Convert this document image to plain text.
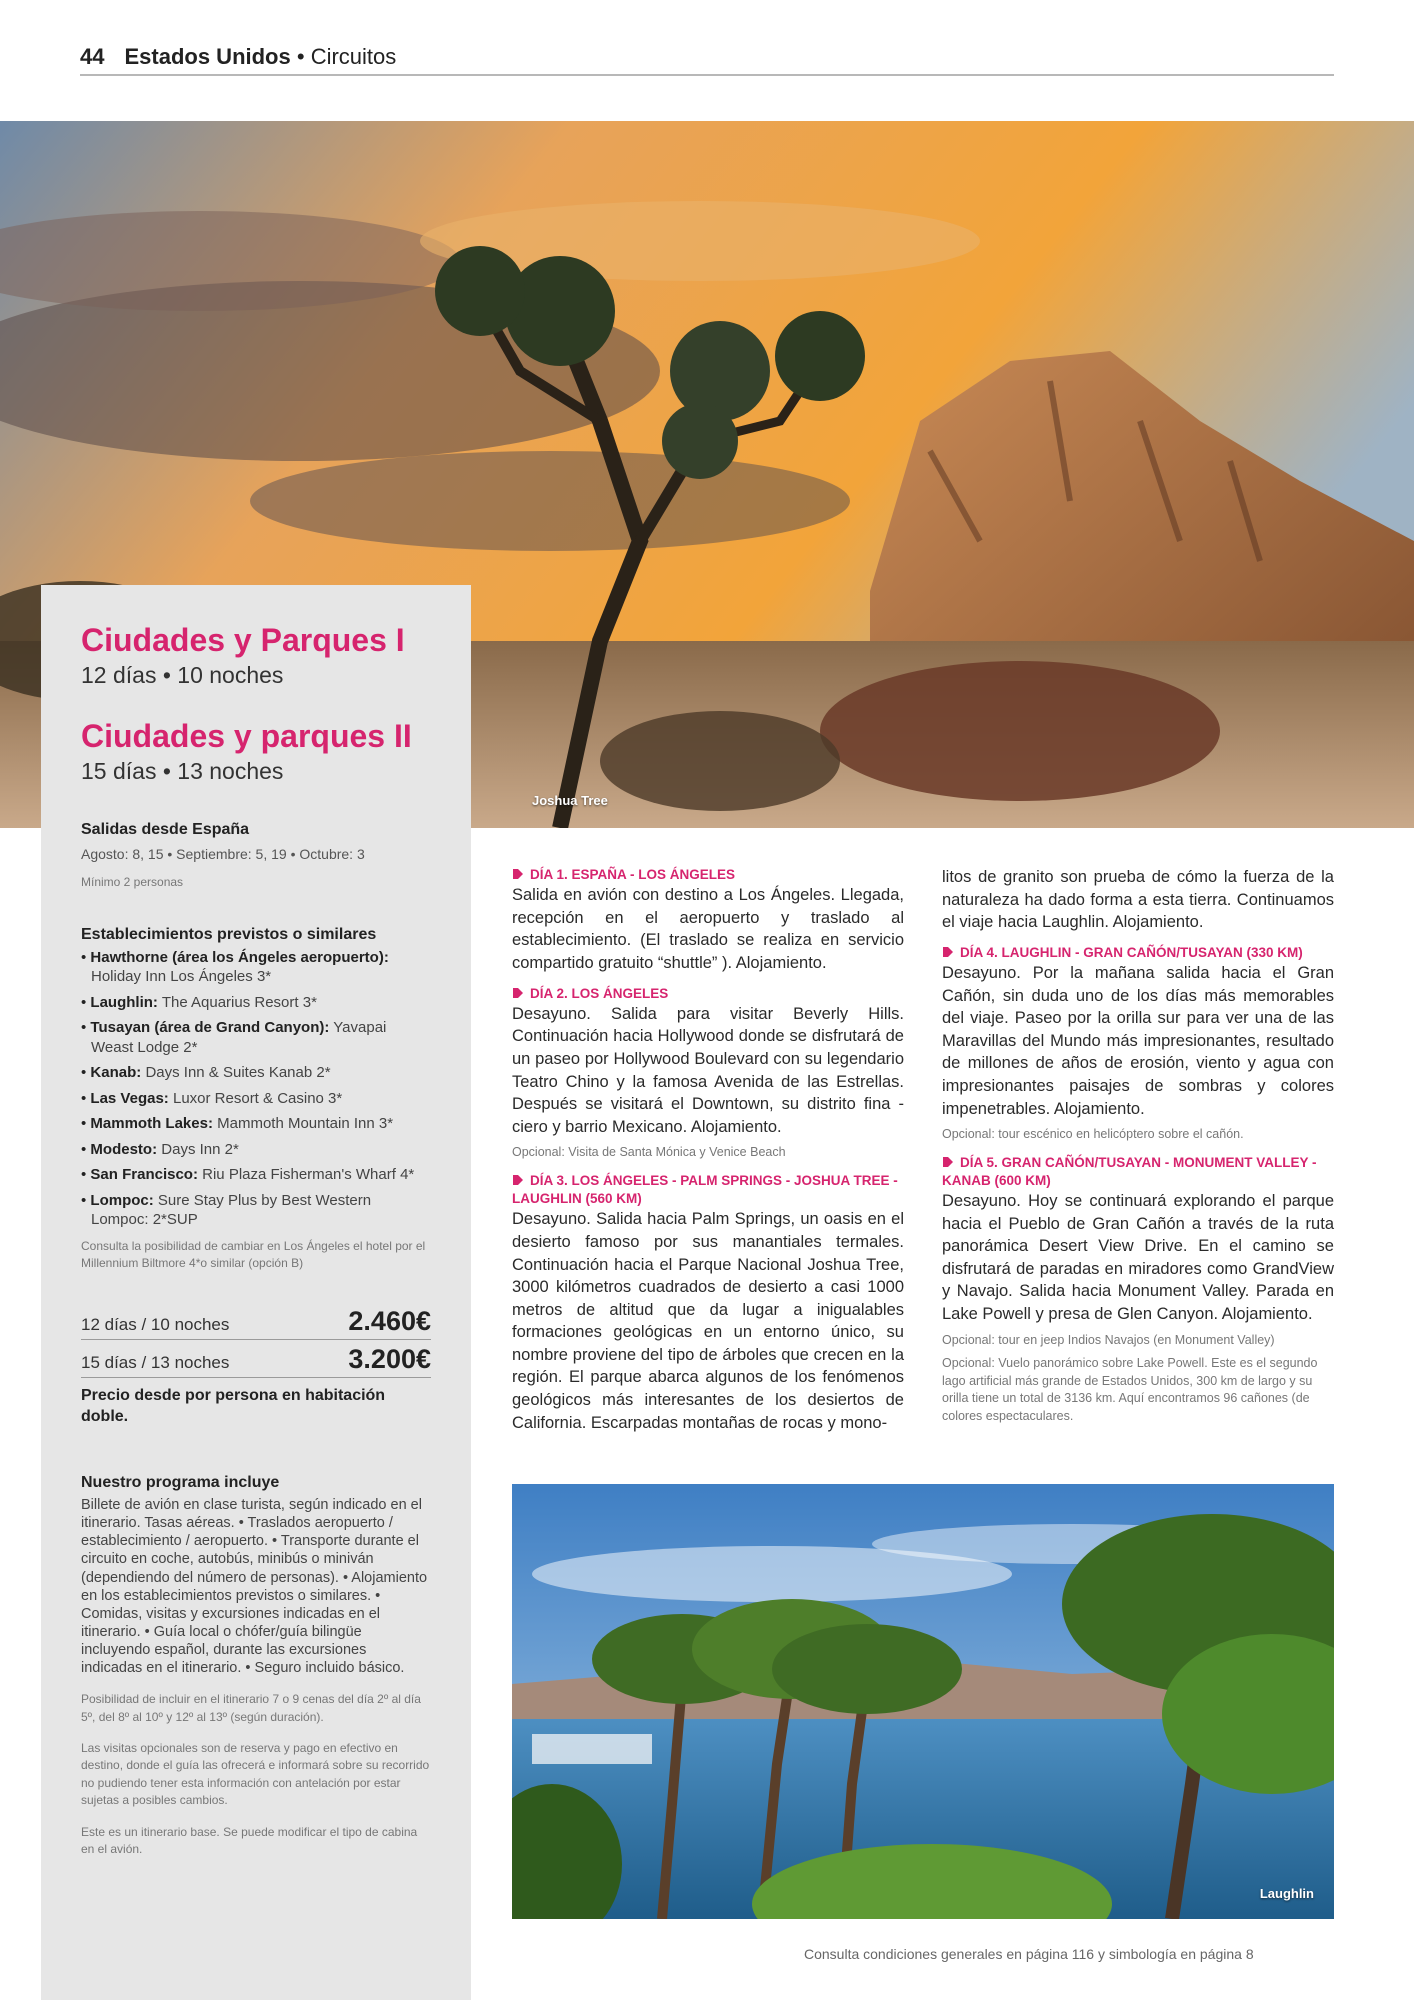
44 Estados Unidos • Circuitos
Joshua Tree
Ciudades y Parques I
12 días • 10 noches
Ciudades y parques II
15 días • 13 noches
Salidas desde España
Agosto: 8, 15 • Septiembre: 5, 19 • Octubre: 3
Mínimo 2 personas
Establecimientos previstos o similares
• Hawthorne (área los Ángeles aeropuerto): Holiday Inn Los Ángeles 3*
• Laughlin: The Aquarius Resort 3*
• Tusayan (área de Grand Canyon): Yavapai Weast Lodge 2*
• Kanab: Days Inn & Suites Kanab 2*
• Las Vegas: Luxor Resort & Casino 3*
• Mammoth Lakes: Mammoth Mountain Inn 3*
• Modesto: Days Inn 2*
• San Francisco: Riu Plaza Fisherman's Wharf 4*
• Lompoc: Sure Stay Plus by Best Western Lompoc: 2*SUP
Consulta la posibilidad de cambiar en Los Ángeles el hotel por el Millennium Biltmore 4*o similar (opción B)
12 días / 10 noches	2.460€
15 días / 13 noches	3.200€
Precio desde por persona en habitación doble.
Nuestro programa incluye
Billete de avión en clase turista, según indicado en el itinerario. Tasas aéreas. • Traslados aeropuerto / establecimiento / aeropuerto. • Transporte durante el circuito en coche, autobús, minibús o miniván (dependiendo del número de personas). • Alojamiento en los establecimientos previstos o similares. • Comidas, visitas y excursiones indicadas en el itinerario. • Guía local o chófer/guía bilingüe incluyendo español, durante las excursiones indicadas en el itinerario. • Seguro incluido básico.
Posibilidad de incluir en el itinerario 7 o 9 cenas del día 2º al día 5º, del 8º al 10º y 12º al 13º (según duración).
Las visitas opcionales son de reserva y pago en efectivo en destino, donde el guía las ofrecerá e informará sobre su recorrido no pudiendo tener esta información con antelación por estar sujetas a posibles cambios.
Este es un itinerario base. Se puede modificar el tipo de cabina en el avión.
DÍA 1. ESPAÑA - LOS ÁNGELES
Salida en avión con destino a Los Ángeles. Llegada, recepción en el aeropuerto y traslado al establecimiento. (El traslado se realiza en servicio compartido gratuito “shuttle” ). Alojamiento.
DÍA 2. LOS ÁNGELES
Desayuno. Salida para visitar Beverly Hills. Continuación hacia Hollywood donde se disfrutará de un paseo por Hollywood Boulevard con su legendario Teatro Chino y la famosa Avenida de las Estrellas. Después se visitará el Downtown, su distrito fina - ciero y barrio Mexicano. Alojamiento.
Opcional: Visita de Santa Mónica y Venice Beach
DÍA 3. LOS ÁNGELES - PALM SPRINGS - JOSHUA TREE - LAUGHLIN (560 KM)
Desayuno. Salida hacia Palm Springs, un oasis en el desierto famoso por sus manantiales termales. Continuación hacia el Parque Nacional Joshua Tree, 3000 kilómetros cuadrados de desierto a casi 1000 metros de altitud que da lugar a inigualables formaciones geológicas en un entorno único, su nombre proviene del tipo de árboles que crecen en la región. El parque abarca algunos de los fenómenos geológicos más interesantes de los desiertos de California. Escarpadas montañas de rocas y mono-
litos de granito son prueba de cómo la fuerza de la naturaleza ha dado forma a esta tierra. Continuamos el viaje hacia Laughlin. Alojamiento.
DÍA 4. LAUGHLIN - GRAN CAÑÓN/TUSAYAN (330 KM)
Desayuno. Por la mañana salida hacia el Gran Cañón, sin duda uno de los días más memorables del viaje. Paseo por la orilla sur para ver una de las Maravillas del Mundo más impresionantes, resultado de millones de años de erosión, viento y agua con impresionantes paisajes de sombras y colores impenetrables. Alojamiento.
Opcional: tour escénico en helicóptero sobre el cañón.
DÍA 5. GRAN CAÑÓN/TUSAYAN - MONUMENT VALLEY - KANAB (600 KM)
Desayuno. Hoy se continuará explorando el parque hacia el Pueblo de Gran Cañón a través de la ruta panorámica Desert View Drive. En el camino se disfrutará de paradas en miradores como GrandView y Navajo. Salida hacia Monument Valley. Parada en Lake Powell y presa de Glen Canyon. Alojamiento.
Opcional: tour en jeep Indios Navajos (en Monument Valley)
Opcional: Vuelo panorámico sobre Lake Powell. Este es el segundo lago artificial más grande de Estados Unidos, 300 km de largo y su orilla tiene un total de 3136 km. Aquí encontramos 96 cañones (de colores espectaculares.
Laughlin
Consulta condiciones generales en página 116 y simbología en página 8
